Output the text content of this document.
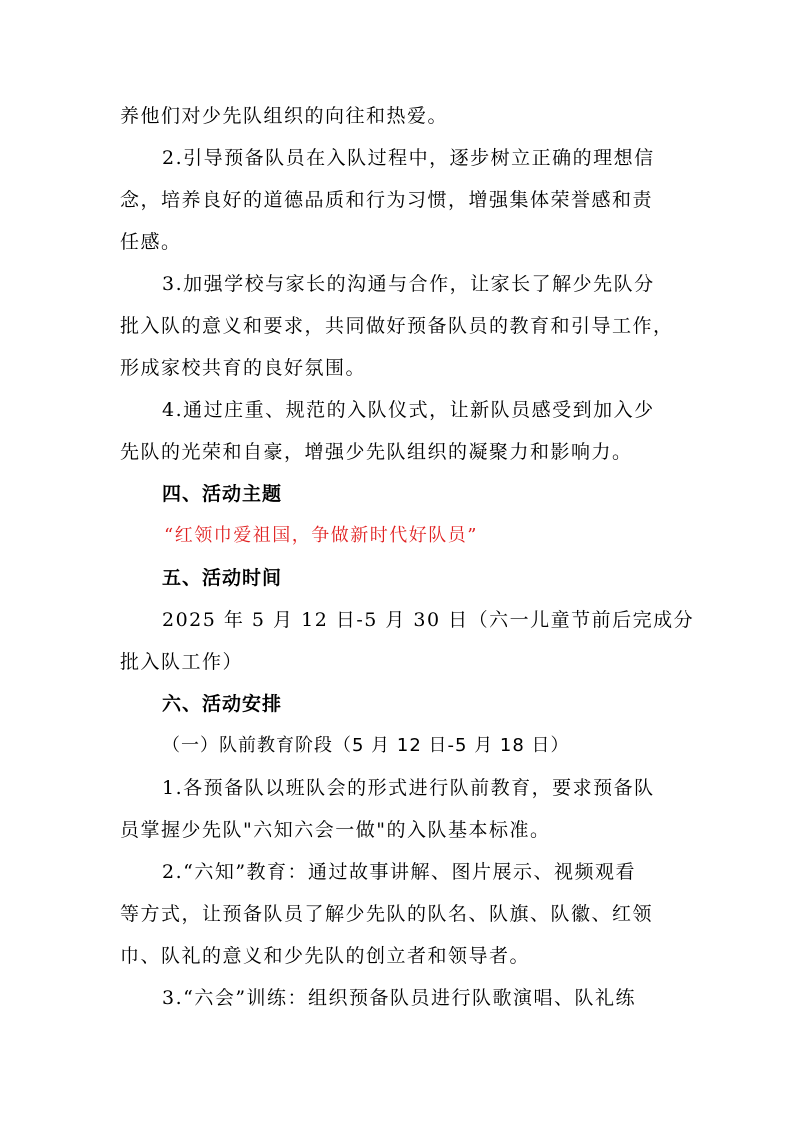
养他们对少先队组织的向往和热爱。
2.引导预备队员在入队过程中，逐步树立正确的理想信
念，培养良好的道德品质和行为习惯，增强集体荣誉感和责
任感。
3.加强学校与家长的沟通与合作，让家长了解少先队分
批入队的意义和要求，共同做好预备队员的教育和引导工作，
形成家校共育的良好氛围。
4.通过庄重、规范的入队仪式，让新队员感受到加入少
先队的光荣和自豪，增强少先队组织的凝聚力和影响力。
四、活动主题
“红领巾爱祖国，争做新时代好队员”
五、活动时间
2025 年 5 月 12 日-5 月 30 日（六一儿童节前后完成分
批入队工作）
六、活动安排
（一）队前教育阶段（5 月 12 日-5 月 18 日）
1.各预备队以班队会的形式进行队前教育，要求预备队
员掌握少先队"六知六会一做"的入队基本标准。
2.“六知”教育：通过故事讲解、图片展示、视频观看
等方式，让预备队员了解少先队的队名、队旗、队徽、红领
巾、队礼的意义和少先队的创立者和领导者。
3.“六会”训练：组织预备队员进行队歌演唱、队礼练
